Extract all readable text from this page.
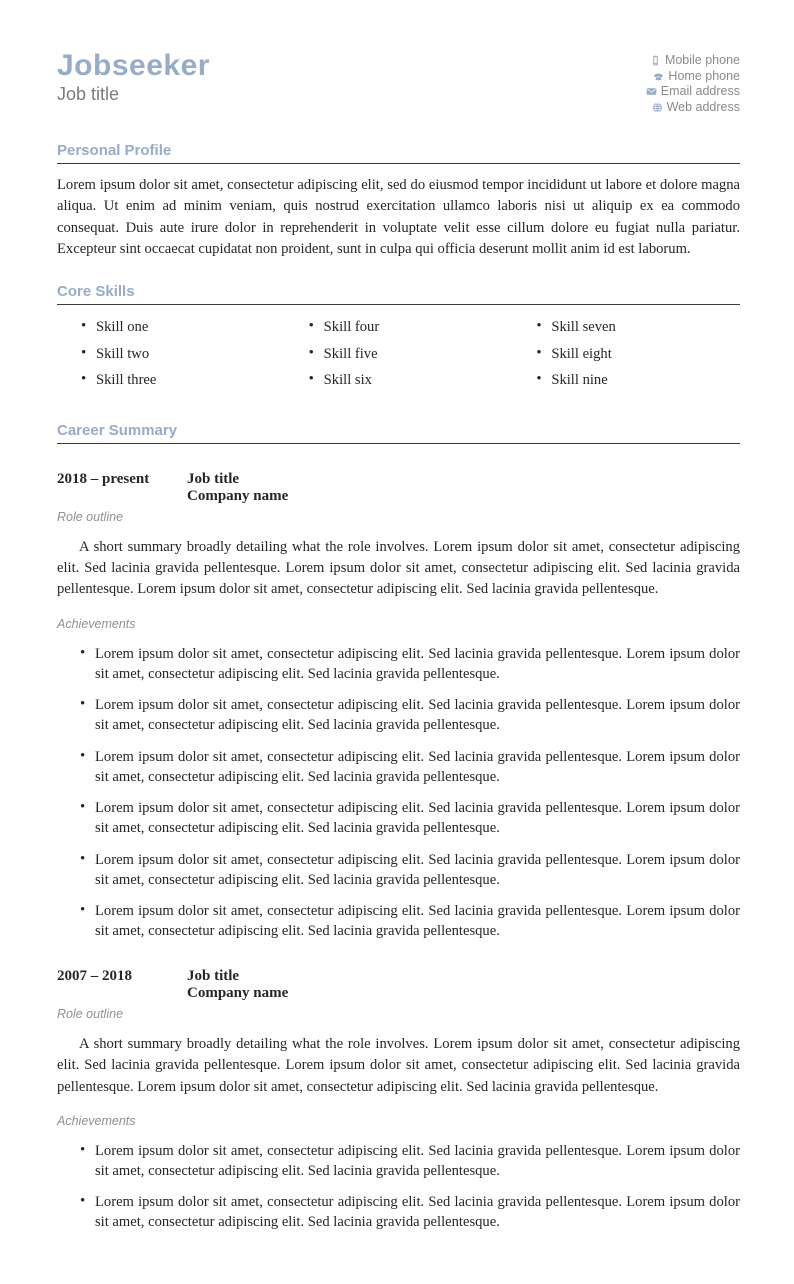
Jobseeker
Job title
Mobile phone
Home phone
Email address
Web address
Personal Profile

Lorem ipsum dolor sit amet, consectetur adipiscing elit, sed do eiusmod tempor incididunt ut labore et dolore magna aliqua. Ut enim ad minim veniam, quis nostrud exercitation ullamco laboris nisi ut aliquip ex ea commodo consequat. Duis aute irure dolor in reprehenderit in voluptate velit esse cillum dolore eu fugiat nulla pariatur. Excepteur sint occaecat cupidatat non proident, sunt in culpa qui officia deserunt mollit anim id est laborum.

Core Skills
• Skill one
• Skill two
• Skill three
• Skill four
• Skill five
• Skill six
• Skill seven
• Skill eight
• Skill nine
Career Summary
2018 – present	Job title
Company name
Role outline

A short summary broadly detailing what the role involves. Lorem ipsum dolor sit amet, consectetur adipiscing elit. Sed lacinia gravida pellentesque. Lorem ipsum dolor sit amet, consectetur adipiscing elit. Sed lacinia gravida pellentesque. Lorem ipsum dolor sit amet, consectetur adipiscing elit. Sed lacinia gravida pellentesque.

Achievements
• Lorem ipsum dolor sit amet, consectetur adipiscing elit. Sed lacinia gravida pellentesque. Lorem ipsum dolor sit amet, consectetur adipiscing elit. Sed lacinia gravida pellentesque.
• Lorem ipsum dolor sit amet, consectetur adipiscing elit. Sed lacinia gravida pellentesque. Lorem ipsum dolor sit amet, consectetur adipiscing elit. Sed lacinia gravida pellentesque.
• Lorem ipsum dolor sit amet, consectetur adipiscing elit. Sed lacinia gravida pellentesque. Lorem ipsum dolor sit amet, consectetur adipiscing elit. Sed lacinia gravida pellentesque.
• Lorem ipsum dolor sit amet, consectetur adipiscing elit. Sed lacinia gravida pellentesque. Lorem ipsum dolor sit amet, consectetur adipiscing elit. Sed lacinia gravida pellentesque.
• Lorem ipsum dolor sit amet, consectetur adipiscing elit. Sed lacinia gravida pellentesque. Lorem ipsum dolor sit amet, consectetur adipiscing elit. Sed lacinia gravida pellentesque.
• Lorem ipsum dolor sit amet, consectetur adipiscing elit. Sed lacinia gravida pellentesque. Lorem ipsum dolor sit amet, consectetur adipiscing elit. Sed lacinia gravida pellentesque.
2007 – 2018	Job title
Company name
Role outline

A short summary broadly detailing what the role involves. Lorem ipsum dolor sit amet, consectetur adipiscing elit. Sed lacinia gravida pellentesque. Lorem ipsum dolor sit amet, consectetur adipiscing elit. Sed lacinia gravida pellentesque. Lorem ipsum dolor sit amet, consectetur adipiscing elit. Sed lacinia gravida pellentesque.

Achievements
• Lorem ipsum dolor sit amet, consectetur adipiscing elit. Sed lacinia gravida pellentesque. Lorem ipsum dolor sit amet, consectetur adipiscing elit. Sed lacinia gravida pellentesque.
• Lorem ipsum dolor sit amet, consectetur adipiscing elit. Sed lacinia gravida pellentesque. Lorem ipsum dolor sit amet, consectetur adipiscing elit. Sed lacinia gravida pellentesque.
